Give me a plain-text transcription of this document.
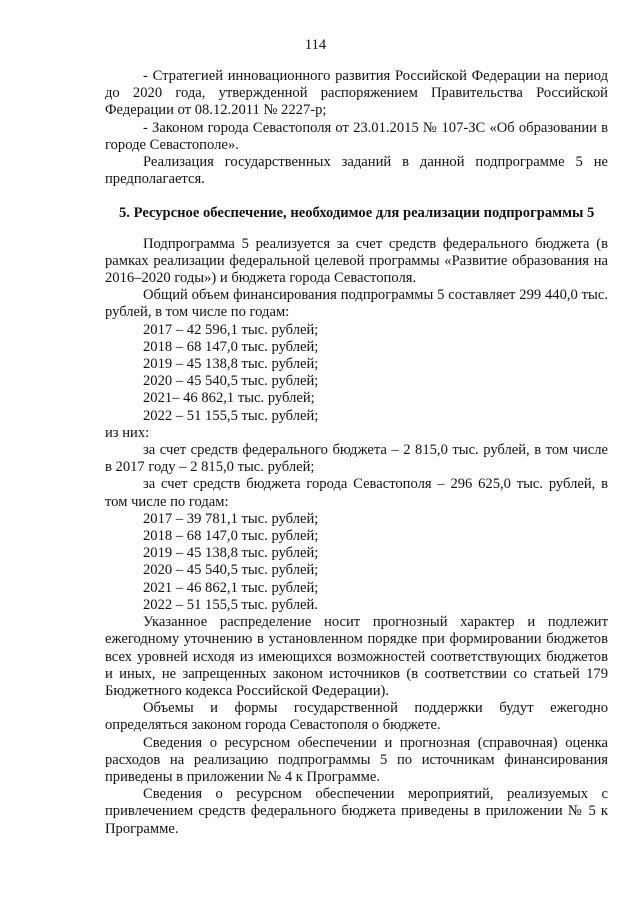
114

- Стратегией инновационного развития Российской Федерации на период до 2020 года, утвержденной распоряжением Правительства Российской Федерации от 08.12.2011 № 2227-р;

- Законом города Севастополя от 23.01.2015 № 107-ЗС «Об образовании в городе Севастополе».

Реализация государственных заданий в данной подпрограмме 5 не предполагается.

5. Ресурсное обеспечение, необходимое для реализации подпрограммы 5

Подпрограмма 5 реализуется за счет средств федерального бюджета (в рамках реализации федеральной целевой программы «Развитие образования на 2016–2020 годы») и бюджета города Севастополя.

Общий объем финансирования подпрограммы 5 составляет 299 440,0 тыс. рублей, в том числе по годам:

2017 – 42 596,1 тыс. рублей;
2018 – 68 147,0 тыс. рублей;
2019 – 45 138,8 тыс. рублей;
2020 – 45 540,5 тыс. рублей;
2021– 46 862,1 тыс. рублей;
2022 – 51 155,5 тыс. рублей;

из них:

за счет средств федерального бюджета – 2 815,0 тыс. рублей, в том числе в 2017 году – 2 815,0 тыс. рублей;

за счет средств бюджета города Севастополя – 296 625,0 тыс. рублей, в том числе по годам:

2017 – 39 781,1 тыс. рублей;
2018 – 68 147,0 тыс. рублей;
2019 – 45 138,8 тыс. рублей;
2020 – 45 540,5 тыс. рублей;
2021 – 46 862,1 тыс. рублей;
2022 – 51 155,5 тыс. рублей.

Указанное распределение носит прогнозный характер и подлежит ежегодному уточнению в установленном порядке при формировании бюджетов всех уровней исходя из имеющихся возможностей соответствующих бюджетов и иных, не запрещенных законом источников (в соответствии со статьей 179 Бюджетного кодекса Российской Федерации).

Объемы и формы государственной поддержки будут ежегодно определяться законом города Севастополя о бюджете.

Сведения о ресурсном обеспечении и прогнозная (справочная) оценка расходов на реализацию подпрограммы 5 по источникам финансирования приведены в приложении № 4 к Программе.

Сведения о ресурсном обеспечении мероприятий, реализуемых с привлечением средств федерального бюджета приведены в приложении № 5 к Программе.
